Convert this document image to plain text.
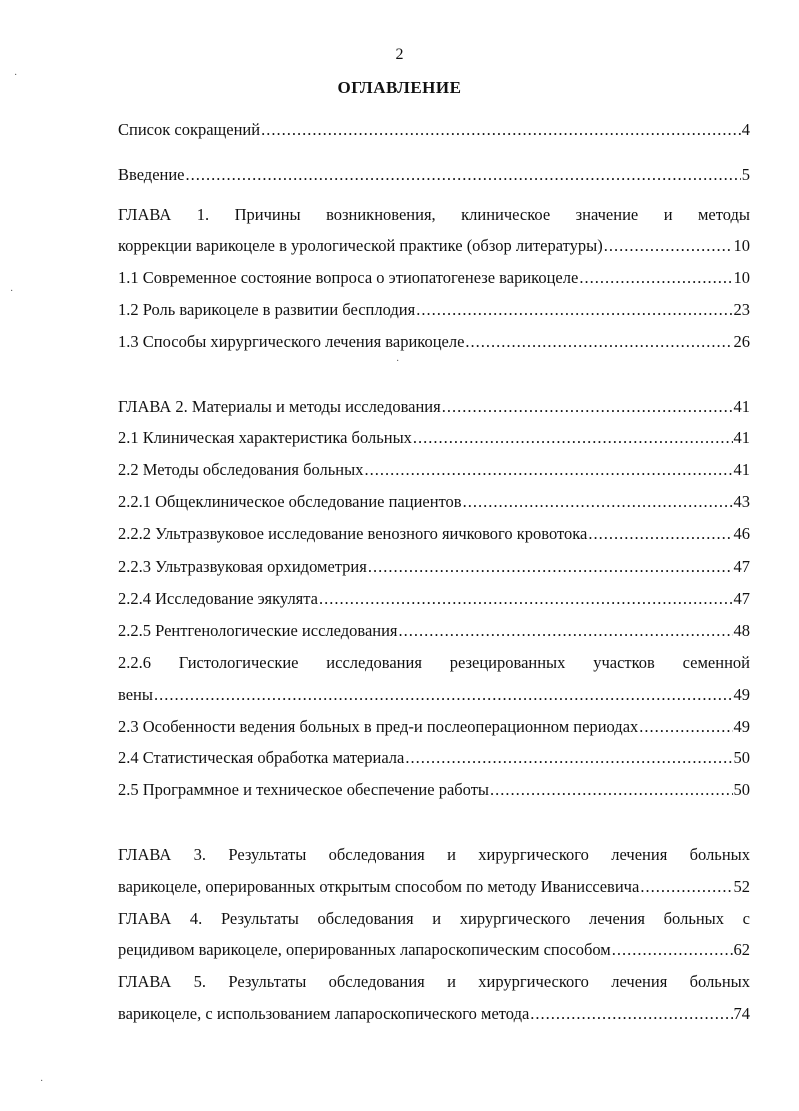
2
ОГЛАВЛЕНИЕ
Список сокращений .....	4
Введение .....	5
ГЛАВА 1. Причины возникновения, клиническое значение и методы
коррекции варикоцеле в урологической практике (обзор литературы) .....	10
1.1 Современное состояние вопроса о этиопатогенезе варикоцеле .....	10
1.2 Роль варикоцеле в развитии бесплодия .....	23
1.3 Способы хирургического лечения варикоцеле .....	26
ГЛАВА 2. Материалы и методы исследования .....	41
2.1 Клиническая характеристика больных .....	41
2.2 Методы обследования больных .....	41
2.2.1 Общеклиническое обследование пациентов .....	43
2.2.2 Ультразвуковое исследование венозного яичкового кровотока .....	46
2.2.3 Ультразвуковая орхидометрия .....	47
2.2.4 Исследование эякулята .....	47
2.2.5 Рентгенологические исследования .....	48
2.2.6 Гистологические исследования резецированных участков семенной
вены .....	49
2.3 Особенности ведения больных в пред-и послеоперационном периодах .....	49
2.4 Статистическая обработка материала .....	50
2.5 Программное и техническое обеспечение работы .....	50
ГЛАВА 3. Результаты обследования и хирургического лечения больных
варикоцеле, оперированных открытым способом по методу Иванисcевича .....	52
ГЛАВА 4. Результаты обследования и хирургического лечения больных с
рецидивом варикоцеле, оперированных лапароскопическим способом .....	62
ГЛАВА 5. Результаты обследования и хирургического лечения больных
варикоцеле, с использованием лапароскопического метода .....	74
·
·
·
·
